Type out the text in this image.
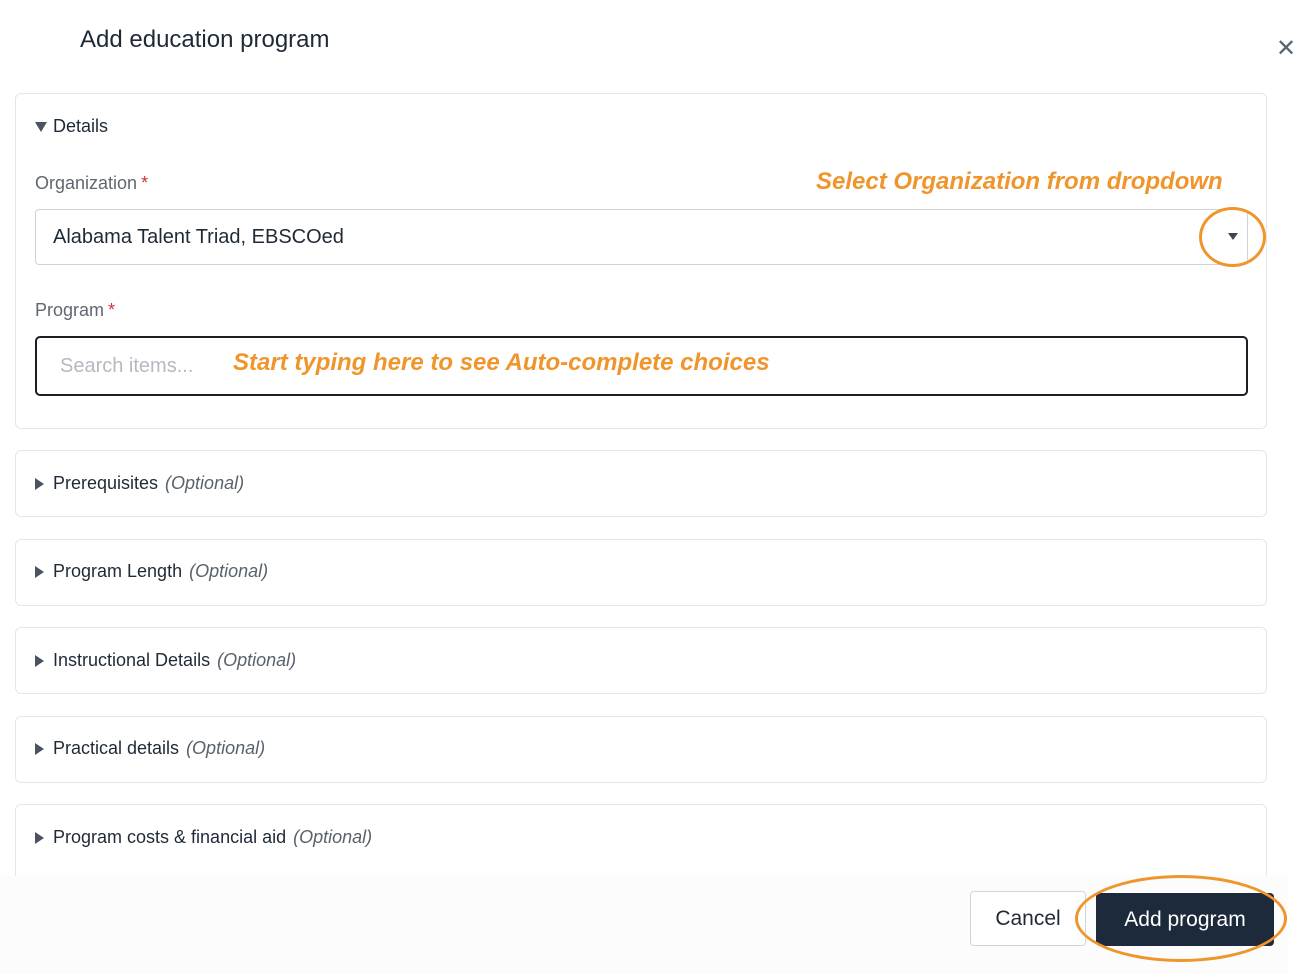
Add education program	✕
Details
Organization *
Alabama Talent Triad, EBSCOed
Program *
Search items...
Select Organization from dropdown
Start typing here to see Auto-complete choices
Prerequisites (Optional)
Program Length (Optional)
Instructional Details (Optional)
Practical details (Optional)
Program costs & financial aid (Optional)
Cancel	Add program
